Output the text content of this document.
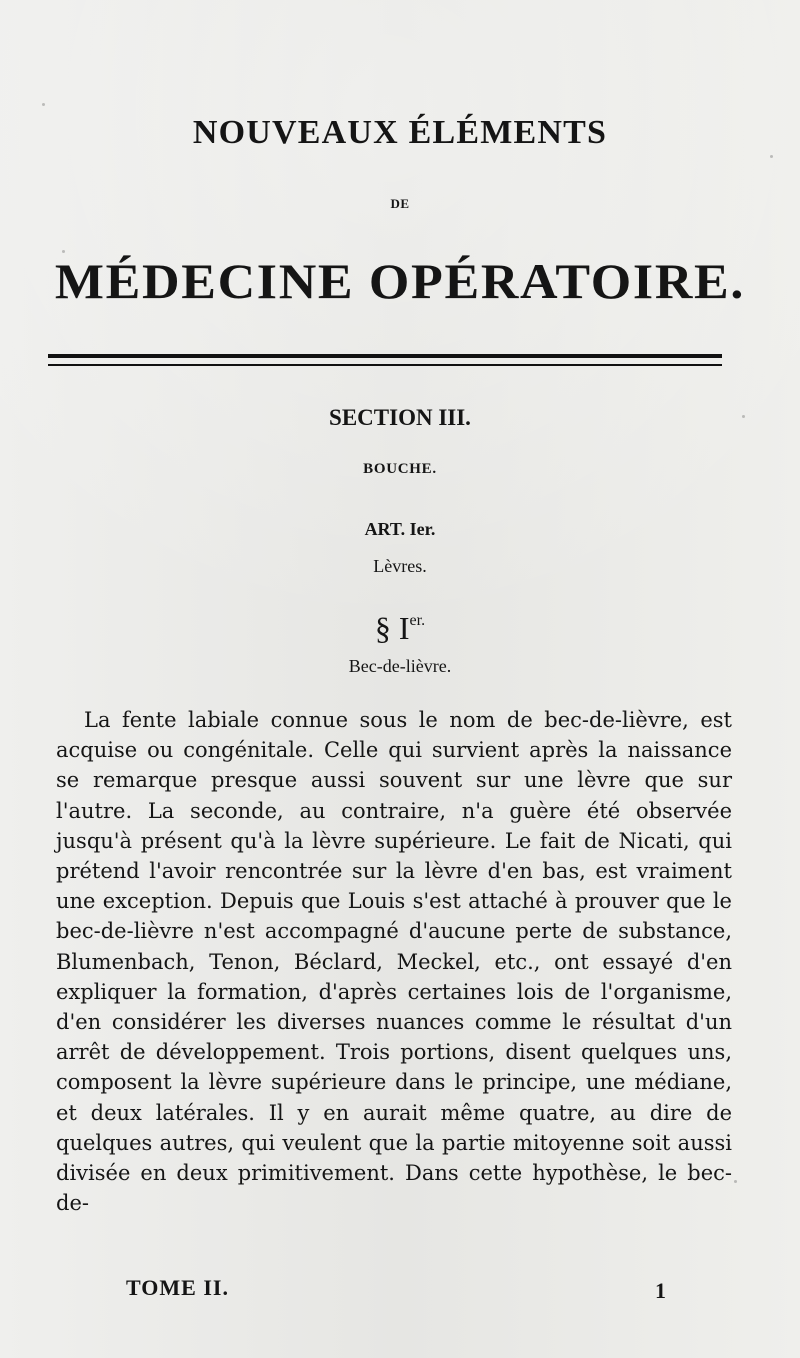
NOUVEAUX ÉLÉMENTS
DE
MÉDECINE OPÉRATOIRE.
SECTION III.
BOUCHE.
ART. Ier.
Lèvres.
§ $I^{er.}$
Bec-de-lièvre.

La fente labiale connue sous le nom de bec-de-lièvre, est acquise ou congénitale. Celle qui survient après la naissance se remarque presque aussi souvent sur une lèvre que sur l'autre. La seconde, au contraire, n'a guère été observée jusqu'à présent qu'à la lèvre supérieure. Le fait de Nicati, qui prétend l'avoir rencontrée sur la lèvre d'en bas, est vraiment une exception. Depuis que Louis s'est attaché à prouver que le bec-de-lièvre n'est accompagné d'aucune perte de substance, Blumenbach, Tenon, Béclard, Meckel, etc., ont essayé d'en expliquer la formation, d'après certaines lois de l'organisme, d'en considérer les diverses nuances comme le résultat d'un arrêt de développement. Trois portions, disent quelques uns, composent la lèvre supérieure dans le principe, une médiane, et deux latérales. Il y en aurait même quatre, au dire de quelques autres, qui veulent que la partie mitoyenne soit aussi divisée en deux primitivement. Dans cette hypothèse, le bec-de-

TOME II.	1
